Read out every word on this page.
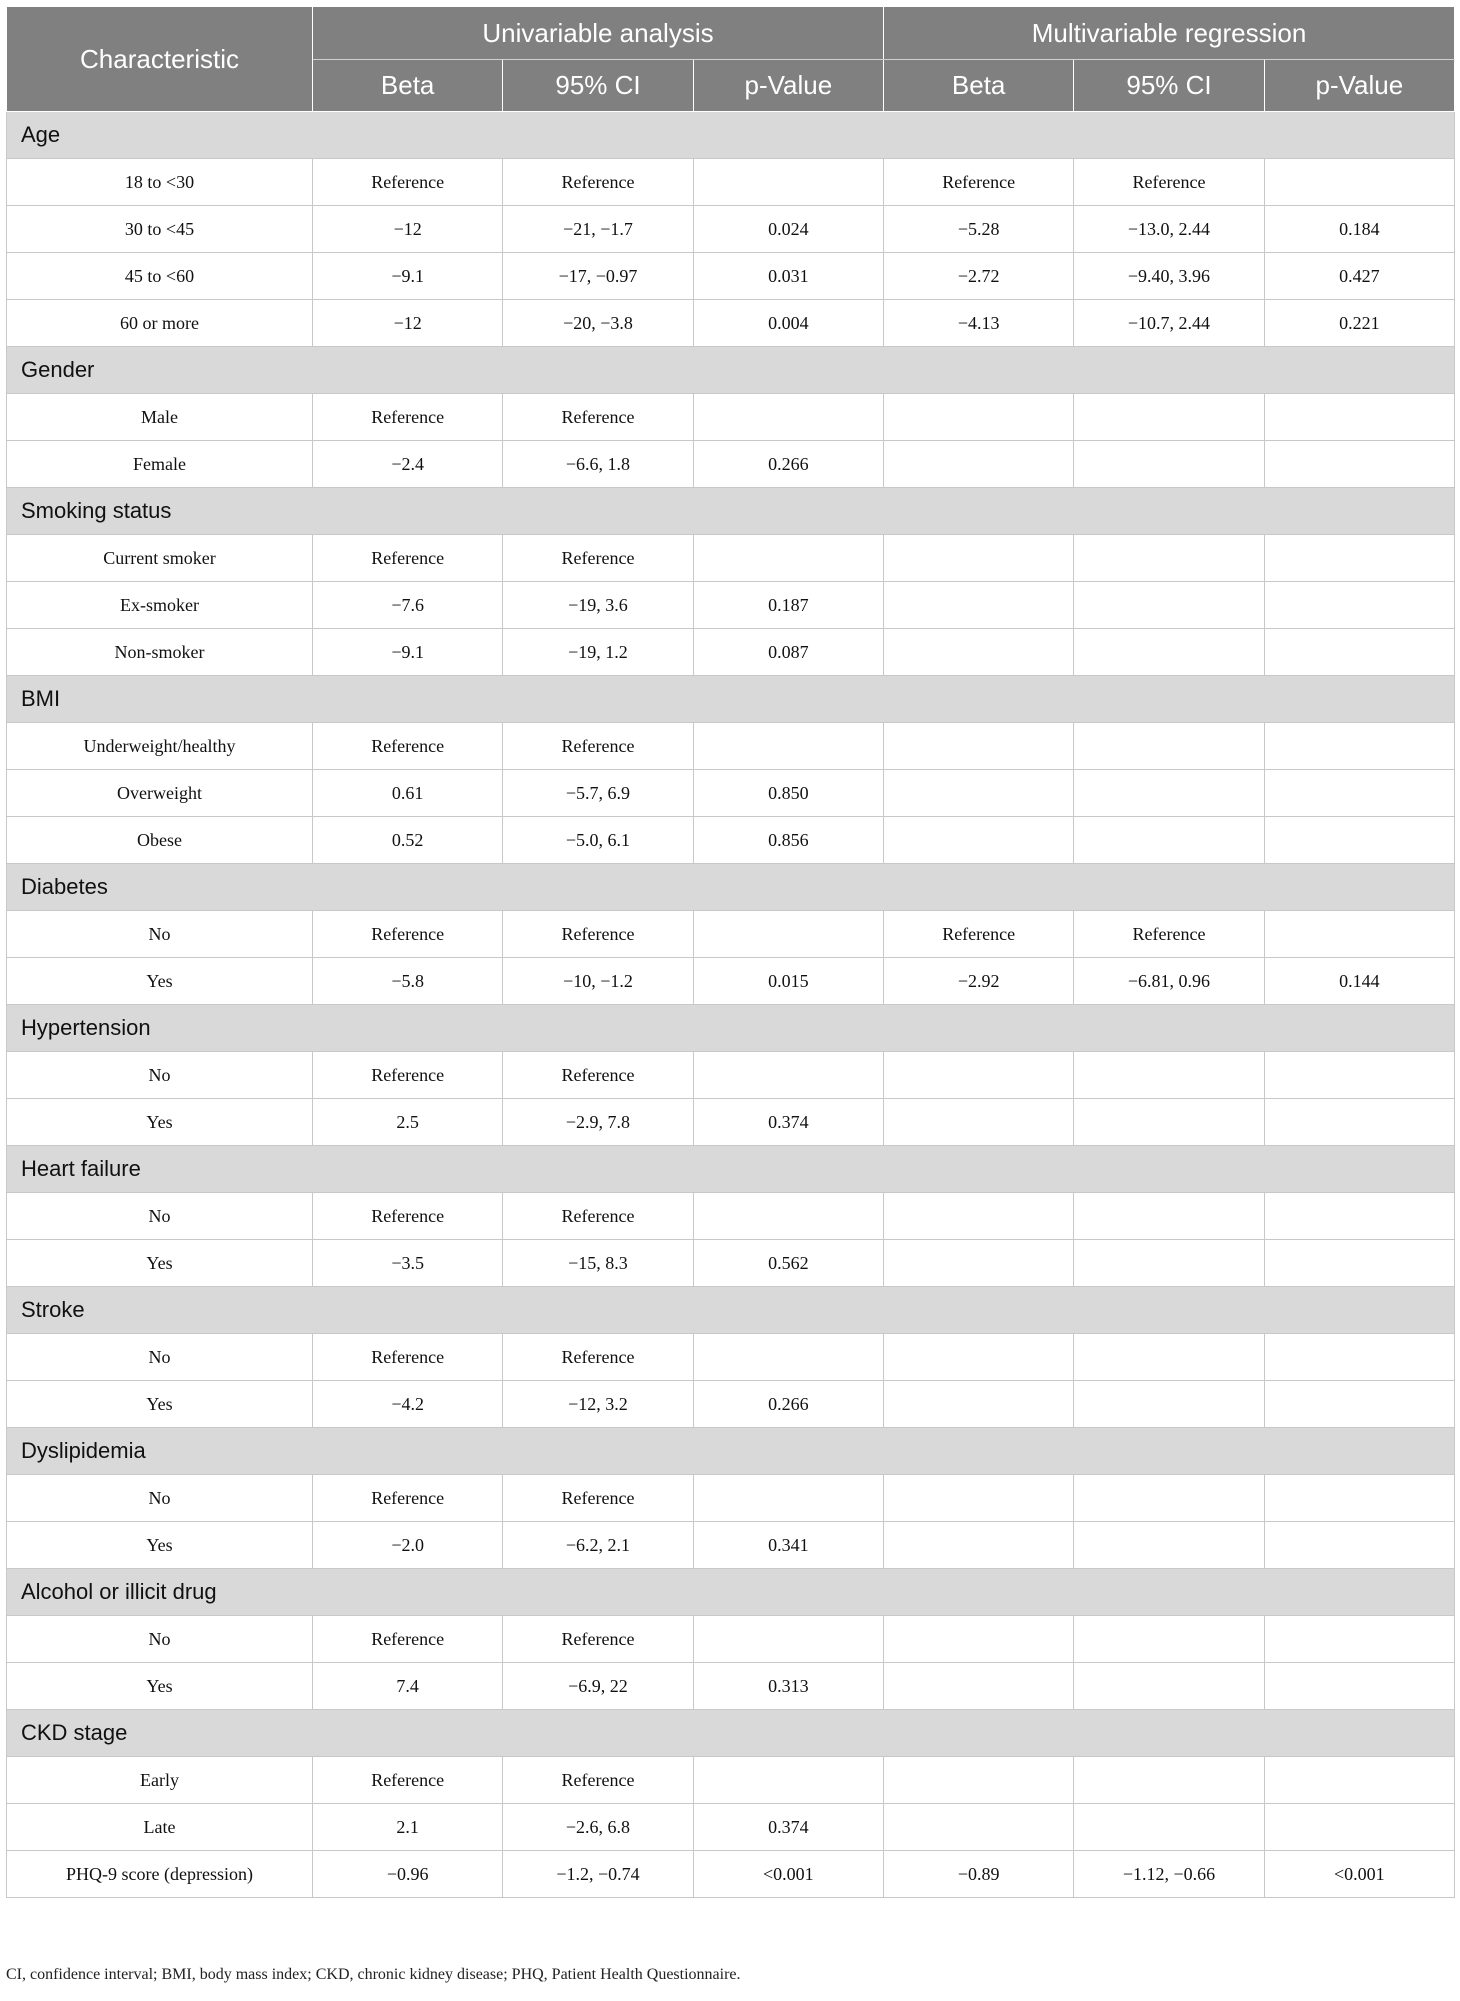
Characteristic	Univariable analysis			Multivariable regression		
	Beta	95% CI	p-Value	Beta	95% CI	p-Value
Age						
18 to <30	Reference	Reference		Reference	Reference	
30 to <45	−12	−21, −1.7	0.024	−5.28	−13.0, 2.44	0.184
45 to <60	−9.1	−17, −0.97	0.031	−2.72	−9.40, 3.96	0.427
60 or more	−12	−20, −3.8	0.004	−4.13	−10.7, 2.44	0.221
Gender						
Male	Reference	Reference				
Female	−2.4	−6.6, 1.8	0.266			
Smoking status						
Current smoker	Reference	Reference				
Ex-smoker	−7.6	−19, 3.6	0.187			
Non-smoker	−9.1	−19, 1.2	0.087			
BMI						
Underweight/healthy	Reference	Reference				
Overweight	0.61	−5.7, 6.9	0.850			
Obese	0.52	−5.0, 6.1	0.856			
Diabetes						
No	Reference	Reference		Reference	Reference	
Yes	−5.8	−10, −1.2	0.015	−2.92	−6.81, 0.96	0.144
Hypertension						
No	Reference	Reference				
Yes	2.5	−2.9, 7.8	0.374			
Heart failure						
No	Reference	Reference				
Yes	−3.5	−15, 8.3	0.562			
Stroke						
No	Reference	Reference				
Yes	−4.2	−12, 3.2	0.266			
Dyslipidemia						
No	Reference	Reference				
Yes	−2.0	−6.2, 2.1	0.341			
Alcohol or illicit drug						
No	Reference	Reference				
Yes	7.4	−6.9, 22	0.313			
CKD stage						
Early	Reference	Reference				
Late	2.1	−2.6, 6.8	0.374			
PHQ-9 score (depression)	−0.96	−1.2, −0.74	<0.001	−0.89	−1.12, −0.66	<0.001
CI, confidence interval; BMI, body mass index; CKD, chronic kidney disease; PHQ, Patient Health Questionnaire.
